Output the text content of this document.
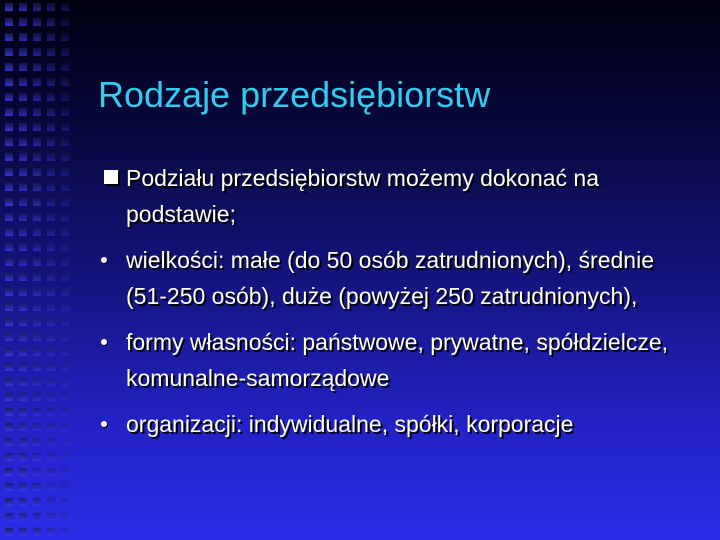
Rodzaje przedsiębiorstw
Podziału przedsiębiorstw możemy dokonać na podstawie;
wielkości: małe (do 50 osób zatrudnionych), średnie (51-250 osób), duże (powyżej 250 zatrudnionych),
formy własności: państwowe, prywatne, spółdzielcze, komunalne-samorządowe
organizacji: indywidualne, spółki, korporacje
